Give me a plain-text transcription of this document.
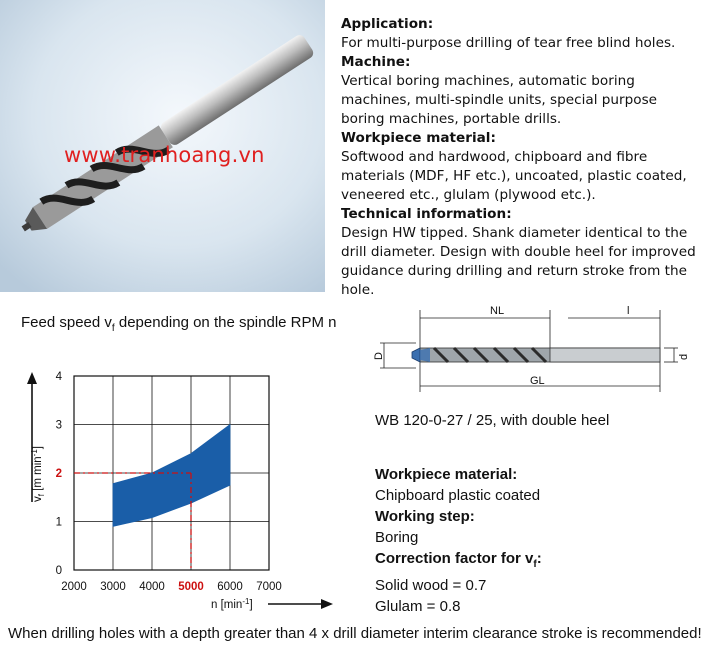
www.tranhoang.vn
Application:
For multi-purpose drilling of tear free blind holes.
Machine:
Vertical boring machines, automatic boring machines, multi-spindle units, special purpose boring machines, portable drills.
Workpiece material:
Softwood and hardwood, chipboard and fibre materials (MDF, HF etc.), uncoated, plastic coated, veneered etc., glulam (plywood etc.).
Technical information:
Design HW tipped. Shank diameter identical to the drill diameter. Design with double heel for improved guidance during drilling and return stroke from the hole.
Feed speed $v_f$ depending on the spindle RPM n
2000 3000 4000 5000 6000 7000
0
1
2
3
4
$v_f$ [m $\min^{-1}$]
n $[\min^{-1}]$
NL	l
GL
D	d
WB 120-0-27 / 25, with double heel
Workpiece material:
Chipboard plastic coated
Working step:
Boring
Correction factor for $v_f$:
Solid wood = 0.7
Glulam = 0.8
When drilling holes with a depth greater than 4 x drill diameter interim clearance stroke is recommended!
